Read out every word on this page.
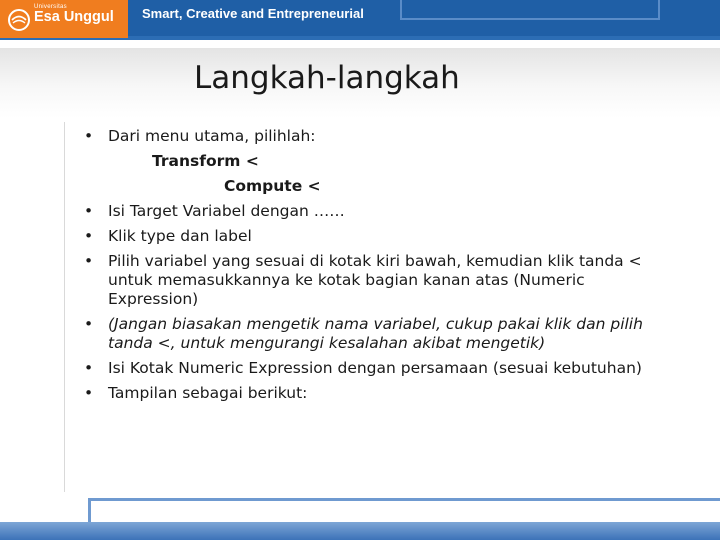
Universitas
Esa Unggul Smart, Creative and Entrepreneurial
Langkah-langkah
• Dari menu utama, pilihlah:
Transform <
Compute <
• Isi Target Variabel dengan ……
• Klik type dan label
• Pilih variabel yang sesuai di kotak kiri bawah, kemudian klik tanda < untuk memasukkannya ke kotak bagian kanan atas (Numeric Expression)
• (Jangan biasakan mengetik nama variabel, cukup pakai klik dan pilih tanda <, untuk mengurangi kesalahan akibat mengetik)
• Isi Kotak Numeric Expression dengan persamaan (sesuai kebutuhan)
• Tampilan sebagai berikut:
